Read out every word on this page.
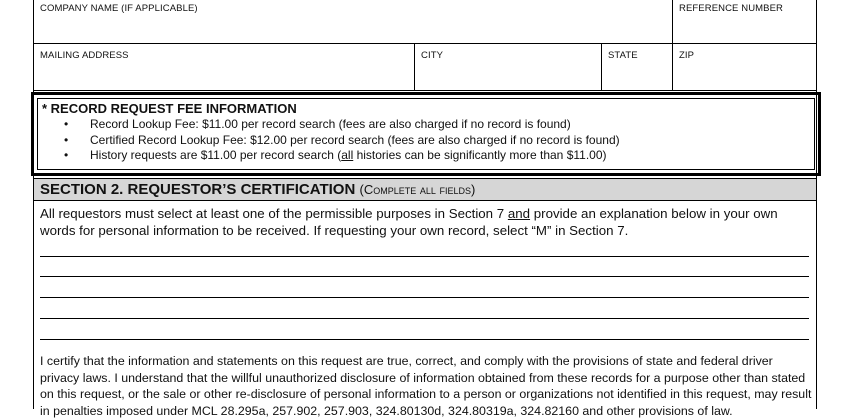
COMPANY NAME (IF APPLICABLE)	REFERENCE NUMBER
MAILING ADDRESS	CITY	STATE	ZIP
* RECORD REQUEST FEE INFORMATION
• Record Lookup Fee: $11.00 per record search (fees are also charged if no record is found)
• Certified Record Lookup Fee: $12.00 per record search (fees are also charged if no record is found)
• History requests are $11.00 per record search (all histories can be significantly more than $11.00)
SECTION 2. REQUESTOR’S CERTIFICATION (Complete all fields)
All requestors must select at least one of the permissible purposes in Section 7 and provide an explanation below in your own words for personal information to be received. If requesting your own record, select “M” in Section 7.
I certify that the information and statements on this request are true, correct, and comply with the provisions of state and federal driver privacy laws. I understand that the willful unauthorized disclosure of information obtained from these records for a purpose other than stated on this request, or the sale or other re-disclosure of personal information to a person or organizations not identified in this request, may result in penalties imposed under MCL 28.295a, 257.902, 257.903, 324.80130d, 324.80319a, 324.82160 and other provisions of law.
